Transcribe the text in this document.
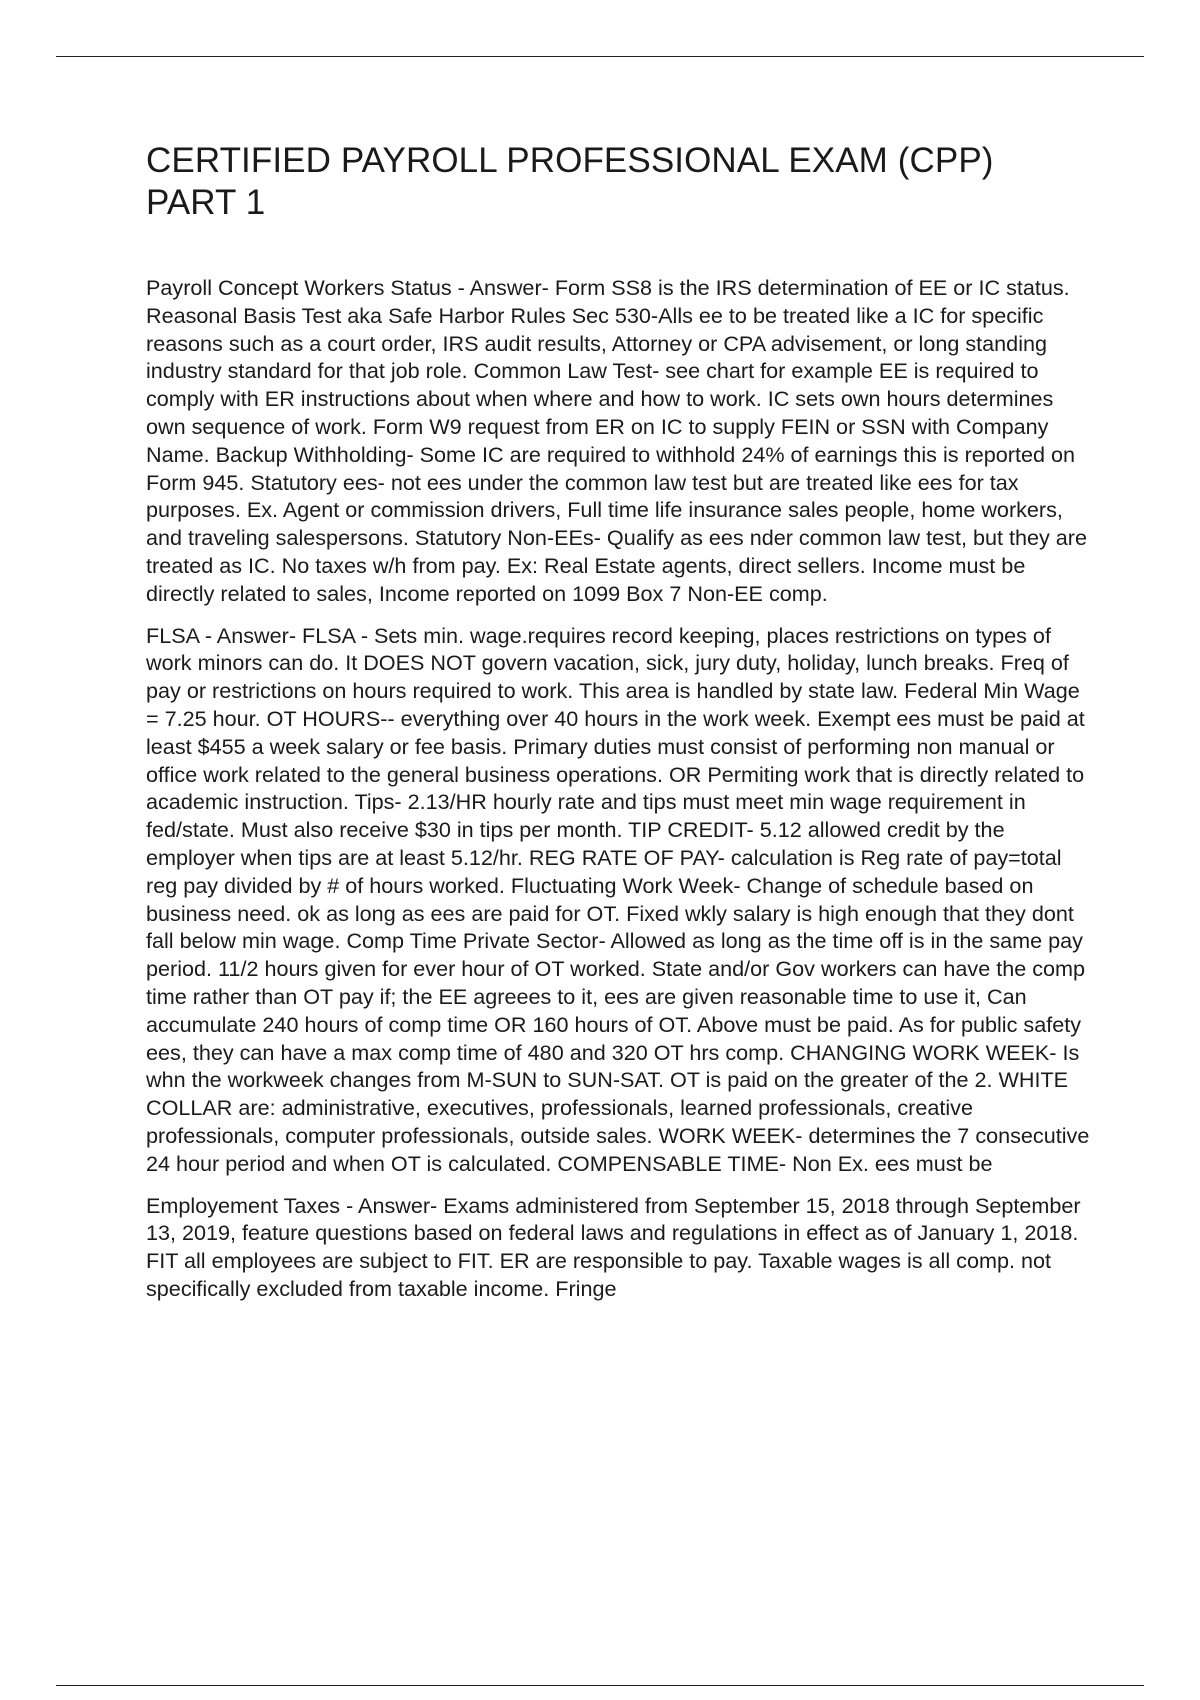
CERTIFIED PAYROLL PROFESSIONAL EXAM (CPP)
PART 1

Payroll Concept Workers Status - Answer- Form SS8 is the IRS determination of EE or IC status. Reasonal Basis Test aka Safe Harbor Rules Sec 530-Alls ee to be treated like a IC for specific reasons such as a court order, IRS audit results, Attorney or CPA advisement, or long standing industry standard for that job role. Common Law Test- see chart for example EE is required to comply with ER instructions about when where and how to work. IC sets own hours determines own sequence of work. Form W9 request from ER on IC to supply FEIN or SSN with Company Name. Backup Withholding- Some IC are required to withhold 24% of earnings this is reported on Form 945. Statutory ees- not ees under the common law test but are treated like ees for tax purposes. Ex. Agent or commission drivers, Full time life insurance sales people, home workers, and traveling salespersons. Statutory Non-EEs- Qualify as ees nder common law test, but they are treated as IC. No taxes w/h from pay. Ex: Real Estate agents, direct sellers. Income must be directly related to sales, Income reported on 1099 Box 7 Non-EE comp.

FLSA - Answer- FLSA - Sets min. wage.requires record keeping, places restrictions on types of work minors can do. It DOES NOT govern vacation, sick, jury duty, holiday, lunch breaks. Freq of pay or restrictions on hours required to work. This area is handled by state law. Federal Min Wage = 7.25 hour. OT HOURS-- everything over 40 hours in the work week. Exempt ees must be paid at least $455 a week salary or fee basis. Primary duties must consist of performing non manual or office work related to the general business operations. OR Permiting work that is directly related to academic instruction. Tips- 2.13/HR hourly rate and tips must meet min wage requirement in fed/state. Must also receive $30 in tips per month. TIP CREDIT- 5.12 allowed credit by the employer when tips are at least 5.12/hr. REG RATE OF PAY- calculation is Reg rate of pay=total reg pay divided by # of hours worked. Fluctuating Work Week- Change of schedule based on business need. ok as long as ees are paid for OT. Fixed wkly salary is high enough that they dont fall below min wage. Comp Time Private Sector- Allowed as long as the time off is in the same pay period. 11/2 hours given for ever hour of OT worked. State and/or Gov workers can have the comp time rather than OT pay if; the EE agreees to it, ees are given reasonable time to use it, Can accumulate 240 hours of comp time OR 160 hours of OT. Above must be paid. As for public safety ees, they can have a max comp time of 480 and 320 OT hrs comp. CHANGING WORK WEEK- Is whn the workweek changes from M-SUN to SUN-SAT. OT is paid on the greater of the 2. WHITE COLLAR are: administrative, executives, professionals, learned professionals, creative professionals, computer professionals, outside sales. WORK WEEK- determines the 7 consecutive 24 hour period and when OT is calculated. COMPENSABLE TIME- Non Ex. ees must be

Employement Taxes - Answer- Exams administered from September 15, 2018 through September 13, 2019, feature questions based on federal laws and regulations in effect as of January 1, 2018. FIT all employees are subject to FIT. ER are responsible to pay. Taxable wages is all comp. not specifically excluded from taxable income. Fringe
